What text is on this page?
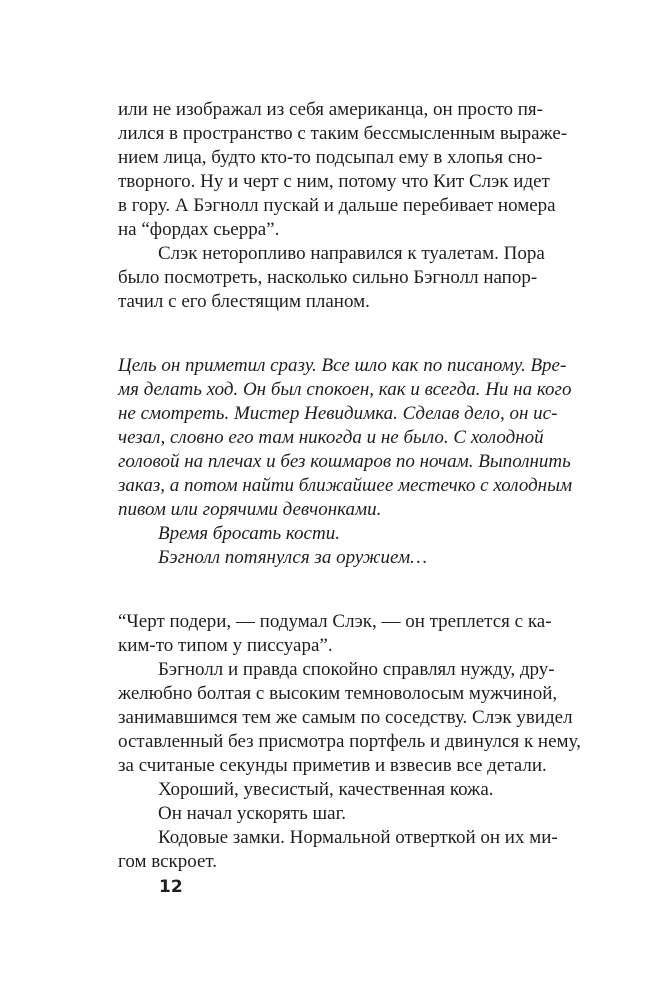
или не изображал из себя американца, он просто пя-
лился в пространство с таким бессмысленным выраже-
нием лица, будто кто-то подсыпал ему в хлопья сно-
творного. Ну и черт с ним, потому что Кит Слэк идет
в гору. А Бэгнолл пускай и дальше перебивает номера
на “фордах сьерра”.
Слэк неторопливо направился к туалетам. Пора
было посмотреть, насколько сильно Бэгнолл напор-
тачил с его блестящим планом.
Цель он приметил сразу. Все шло как по писаному. Вре-
мя делать ход. Он был спокоен, как и всегда. Ни на кого
не смотреть. Мистер Невидимка. Сделав дело, он ис-
чезал, словно его там никогда и не было. С холодной
головой на плечах и без кошмаров по ночам. Выполнить
заказ, а потом найти ближайшее местечко с холодным
пивом или горячими девчонками.
Время бросать кости.
Бэгнолл потянулся за оружием…
“Черт подери, — подумал Слэк, — он треплется с ка-
ким-то типом у писсуара”.
Бэгнолл и правда спокойно справлял нужду, дру-
желюбно болтая с высоким темноволосым мужчиной,
занимавшимся тем же самым по соседству. Слэк увидел
оставленный без присмотра портфель и двинулся к нему,
за считаные секунды приметив и взвесив все детали.
Хороший, увесистый, качественная кожа.
Он начал ускорять шаг.
Кодовые замки. Нормальной отверткой он их ми-
гом вскроет.
12
